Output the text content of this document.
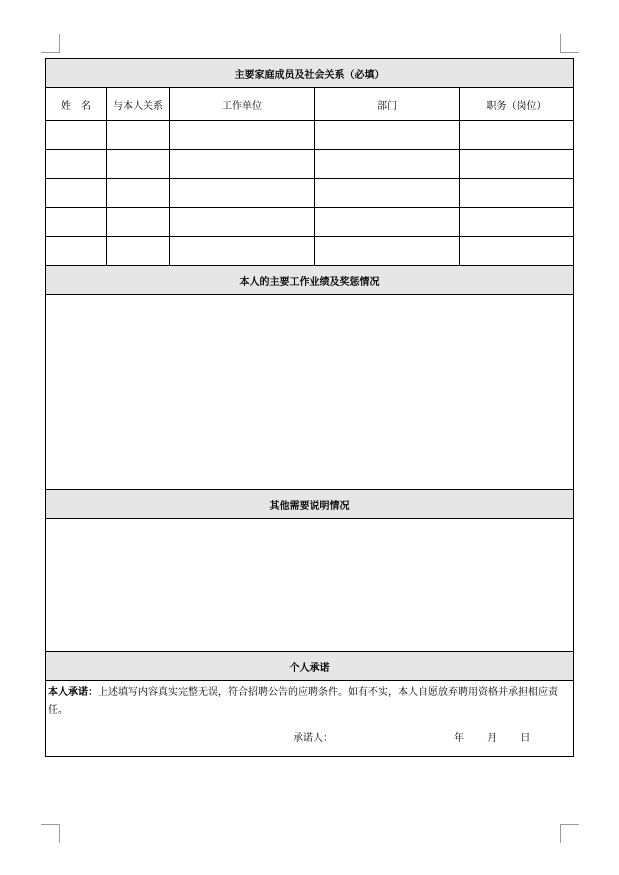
主要家庭成员及社会关系（必填）				
姓　名	与本人关系	工作单位	部门	职务（岗位）

本人的主要工作业绩及奖惩情况				

其他需要说明情况				

个人承诺				
本人承诺：上述填写内容真实完整无误，符合招聘公告的应聘条件。如有不实，本人自愿放弃聘用资格并承担相应责任。
承诺人： 年 月 日				
